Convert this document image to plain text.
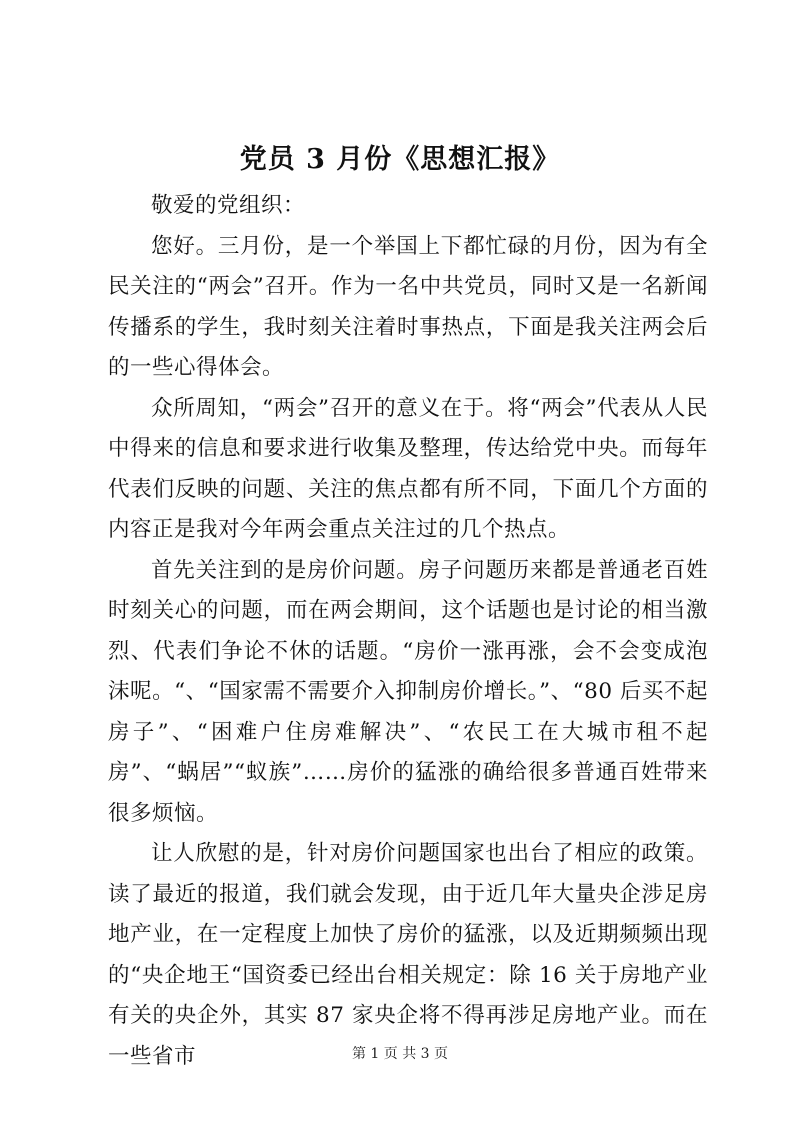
党员 3 月份《思想汇报》

敬爱的党组织：

您好。三月份，是一个举国上下都忙碌的月份，因为有全民关注的“两会”召开。作为一名中共党员，同时又是一名新闻传播系的学生，我时刻关注着时事热点，下面是我关注两会后的一些心得体会。

众所周知，“两会”召开的意义在于。将“两会”代表从人民中得来的信息和要求进行收集及整理，传达给党中央。而每年代表们反映的问题、关注的焦点都有所不同，下面几个方面的内容正是我对今年两会重点关注过的几个热点。

首先关注到的是房价问题。房子问题历来都是普通老百姓时刻关心的问题，而在两会期间，这个话题也是讨论的相当激烈、代表们争论不休的话题。“房价一涨再涨，会不会变成泡沫呢。“、“国家需不需要介入抑制房价增长。”、“80 后买不起房子”、“困难户住房难解决”、“农民工在大城市租不起房”、“蜗居”“蚁族”……房价的猛涨的确给很多普通百姓带来很多烦恼。

让人欣慰的是，针对房价问题国家也出台了相应的政策。读了最近的报道，我们就会发现，由于近几年大量央企涉足房地产业，在一定程度上加快了房价的猛涨，以及近期频频出现的“央企地王“国资委已经出台相关规定：除 16 关于房地产业有关的央企外，其实 87 家央企将不得再涉足房地产业。而在一些省市	第 1 页 共 3 页
